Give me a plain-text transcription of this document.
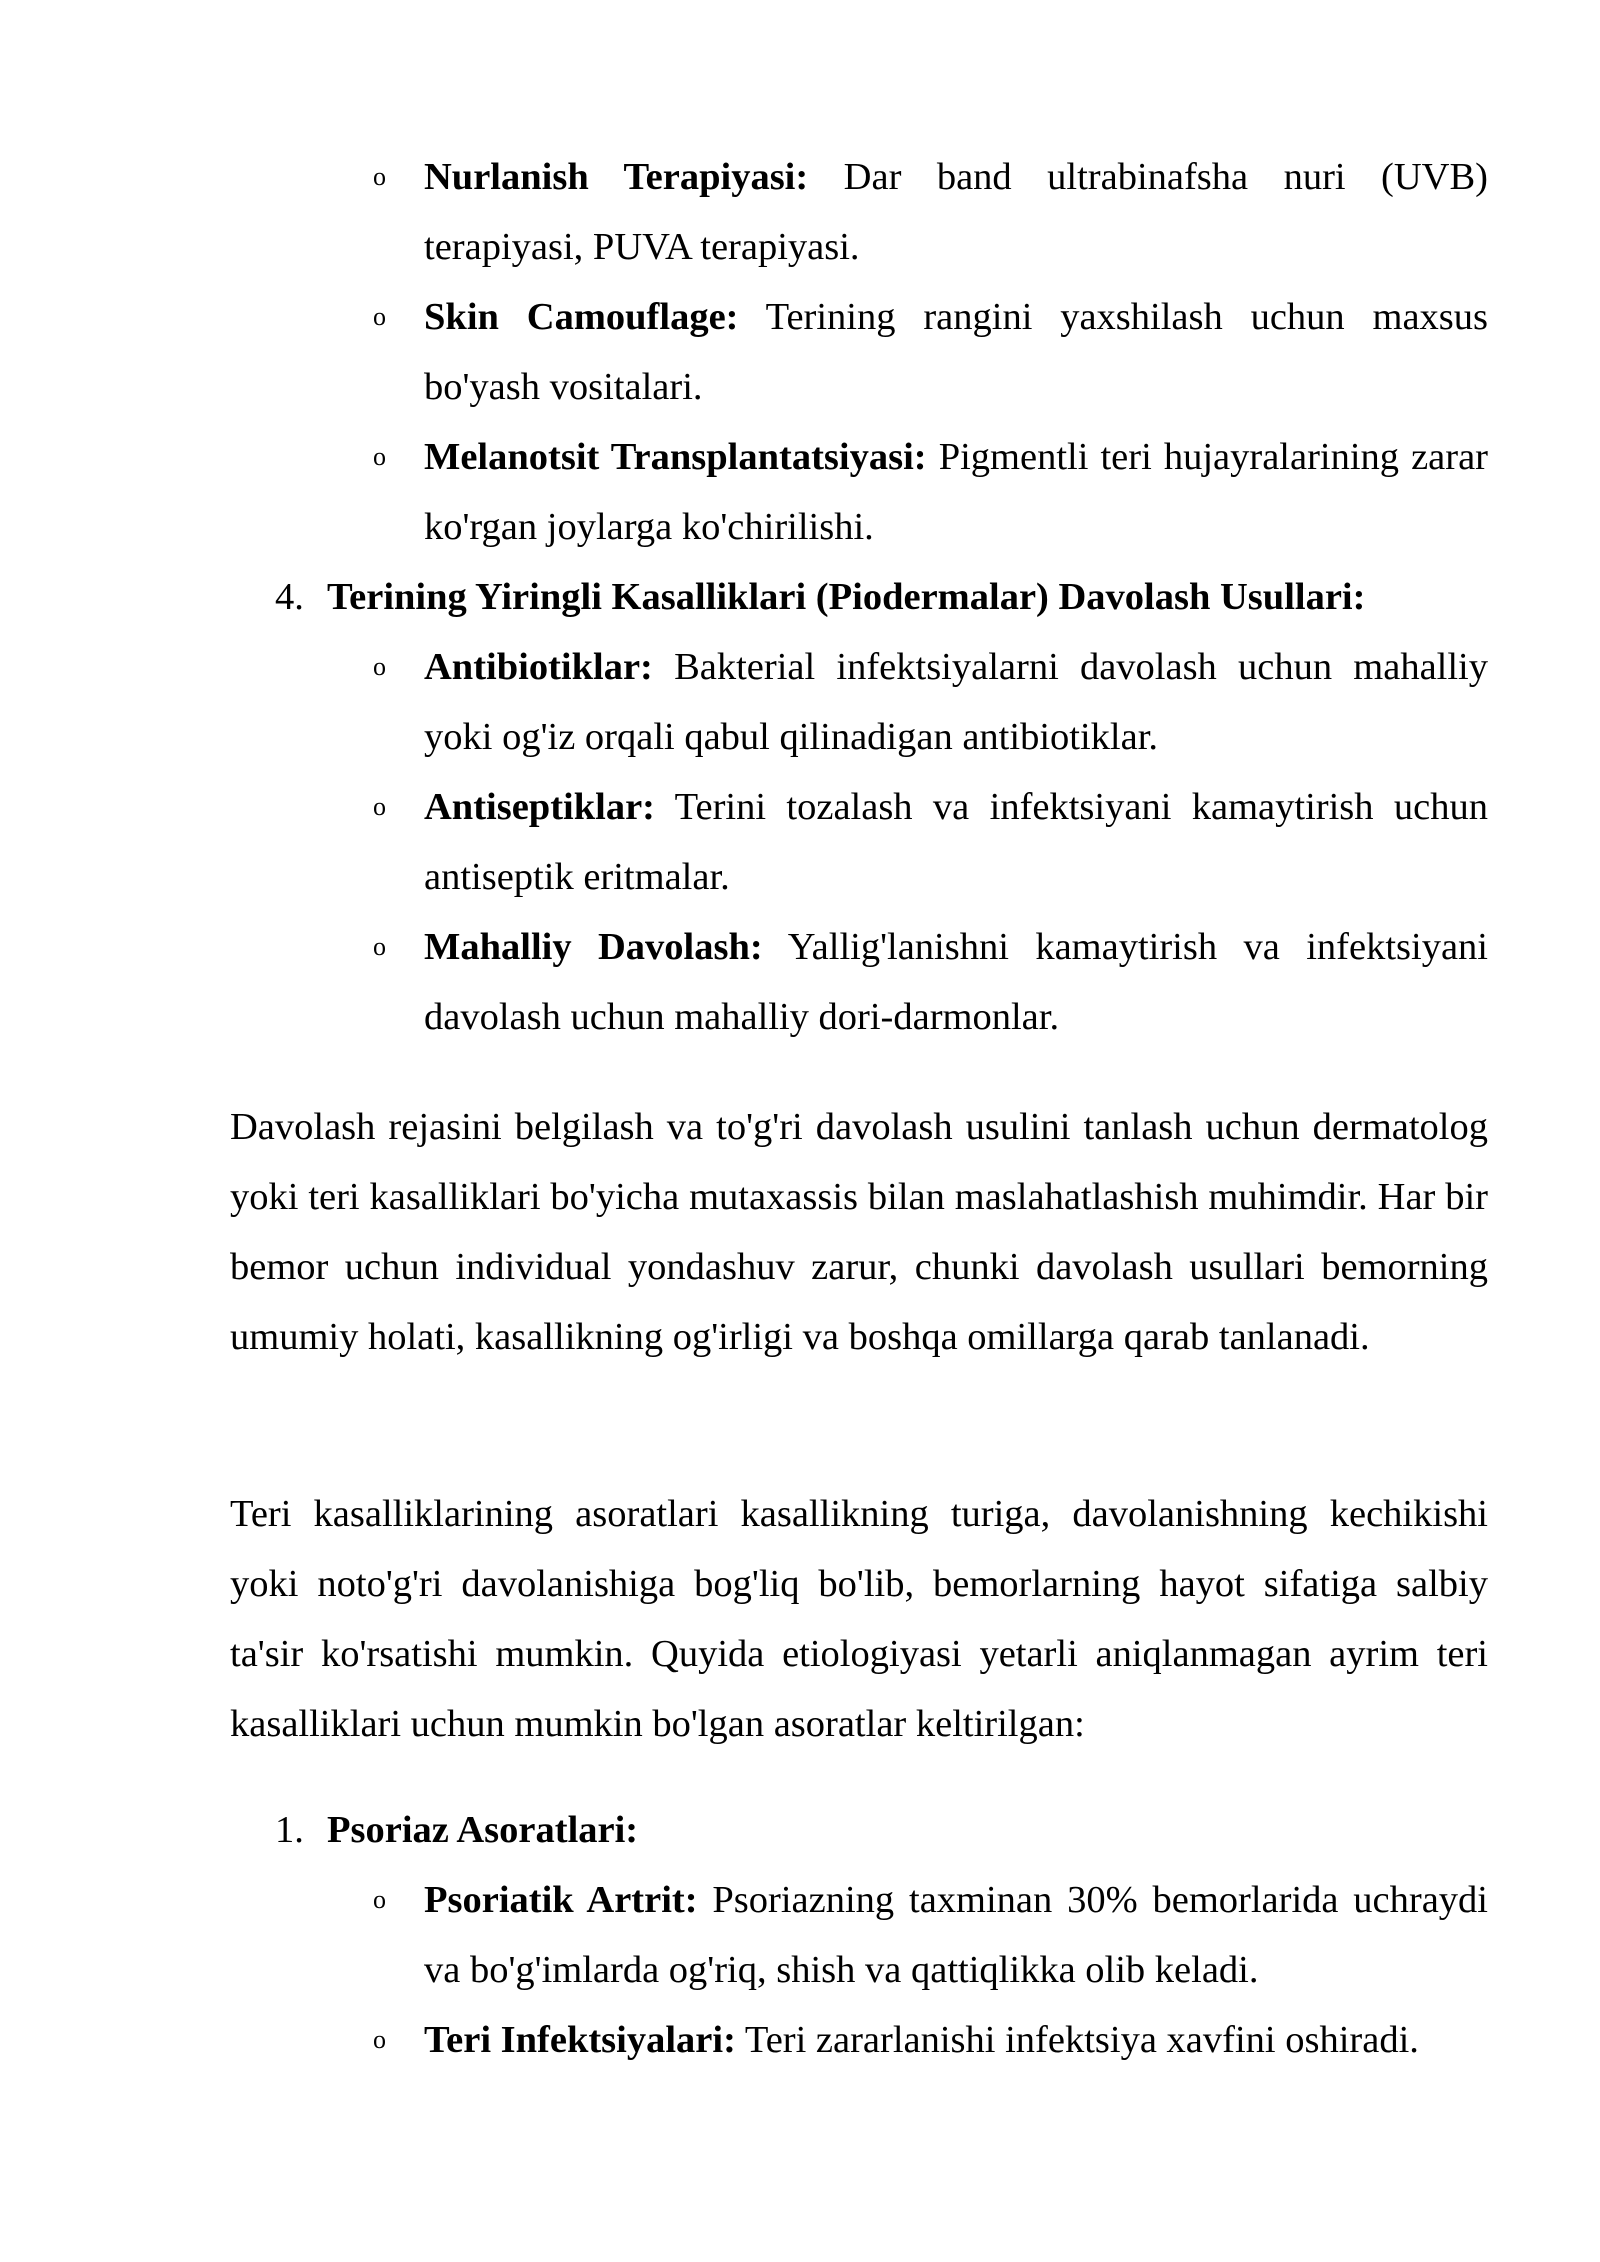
o Nurlanish Terapiyasi: Dar band ultrabinafsha nuri (UVB) terapiyasi, PUVA terapiyasi.
o Skin Camouflage: Terining rangini yaxshilash uchun maxsus bo'yash vositalari.
o Melanotsit Transplantatsiyasi: Pigmentli teri hujayralarining zarar ko'rgan joylarga ko'chirilishi.
4. Terining Yiringli Kasalliklari (Piodermalar) Davolash Usullari:
o Antibiotiklar: Bakterial infektsiyalarni davolash uchun mahalliy yoki og'iz orqali qabul qilinadigan antibiotiklar.
o Antiseptiklar: Terini tozalash va infektsiyani kamaytirish uchun antiseptik eritmalar.
o Mahalliy Davolash: Yallig'lanishni kamaytirish va infektsiyani davolash uchun mahalliy dori-darmonlar.
Davolash rejasini belgilash va to'g'ri davolash usulini tanlash uchun dermatolog yoki teri kasalliklari bo'yicha mutaxassis bilan maslahatlashish muhimdir. Har bir bemor uchun individual yondashuv zarur, chunki davolash usullari bemorning umumiy holati, kasallikning og'irligi va boshqa omillarga qarab tanlanadi.
Teri kasalliklarining asoratlari kasallikning turiga, davolanishning kechikishi yoki noto'g'ri davolanishiga bog'liq bo'lib, bemorlarning hayot sifatiga salbiy ta'sir ko'rsatishi mumkin. Quyida etiologiyasi yetarli aniqlanmagan ayrim teri kasalliklari uchun mumkin bo'lgan asoratlar keltirilgan:
1. Psoriaz Asoratlari:
o Psoriatik Artrit: Psoriazning taxminan 30% bemorlarida uchraydi va bo'g'imlarda og'riq, shish va qattiqlikka olib keladi.
o Teri Infektsiyalari: Teri zararlanishi infektsiya xavfini oshiradi.
